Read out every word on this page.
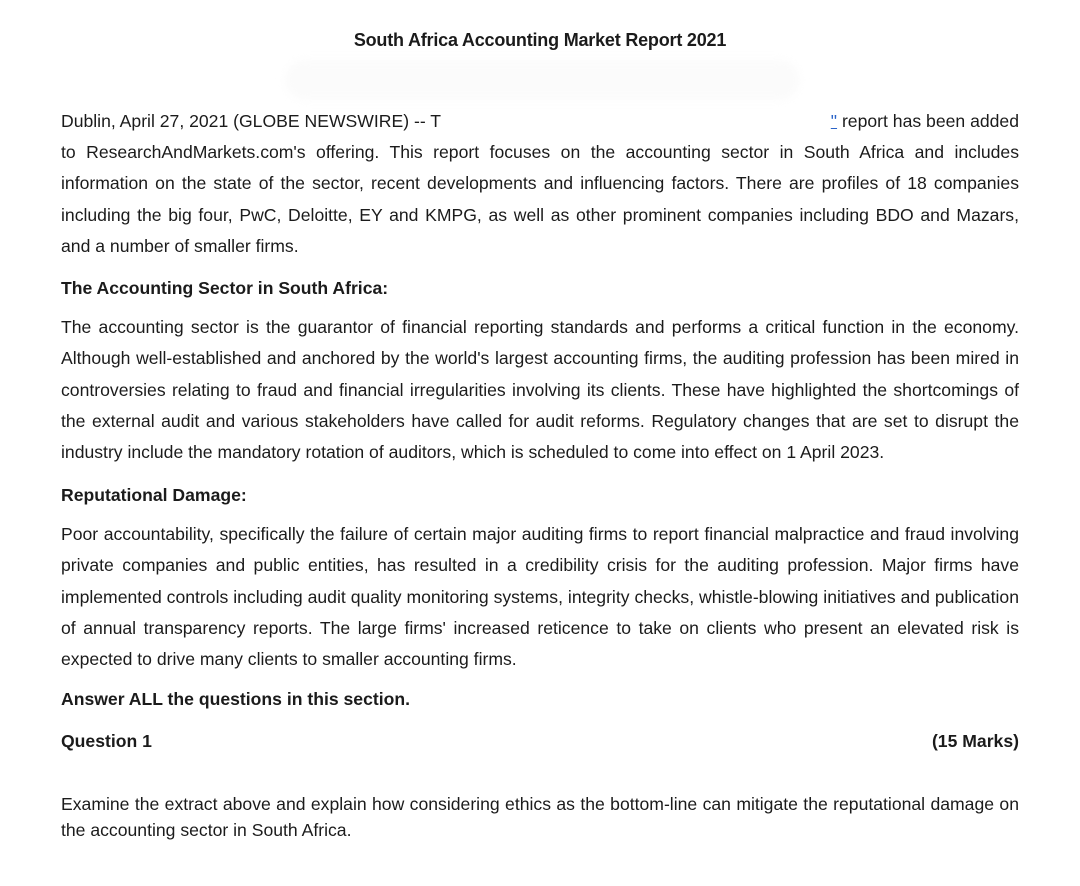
South Africa Accounting Market Report 2021
Dublin, April 27, 2021 (GLOBE NEWSWIRE) -- T	" report has been added

to ResearchAndMarkets.com's offering. This report focuses on the accounting sector in South Africa and includes information on the state of the sector, recent developments and influencing factors. There are profiles of 18 companies including the big four, PwC, Deloitte, EY and KMPG, as well as other prominent companies including BDO and Mazars, and a number of smaller firms.

The Accounting Sector in South Africa:

The accounting sector is the guarantor of financial reporting standards and performs a critical function in the economy. Although well-established and anchored by the world's largest accounting firms, the auditing profession has been mired in controversies relating to fraud and financial irregularities involving its clients. These have highlighted the shortcomings of the external audit and various stakeholders have called for audit reforms. Regulatory changes that are set to disrupt the industry include the mandatory rotation of auditors, which is scheduled to come into effect on 1 April 2023.

Reputational Damage:

Poor accountability, specifically the failure of certain major auditing firms to report financial malpractice and fraud involving private companies and public entities, has resulted in a credibility crisis for the auditing profession. Major firms have implemented controls including audit quality monitoring systems, integrity checks, whistle-blowing initiatives and publication of annual transparency reports. The large firms' increased reticence to take on clients who present an elevated risk is expected to drive many clients to smaller accounting firms.

Answer ALL the questions in this section.
Question 1	(15 Marks)

Examine the extract above and explain how considering ethics as the bottom-line can mitigate the reputational damage on the accounting sector in South Africa.
